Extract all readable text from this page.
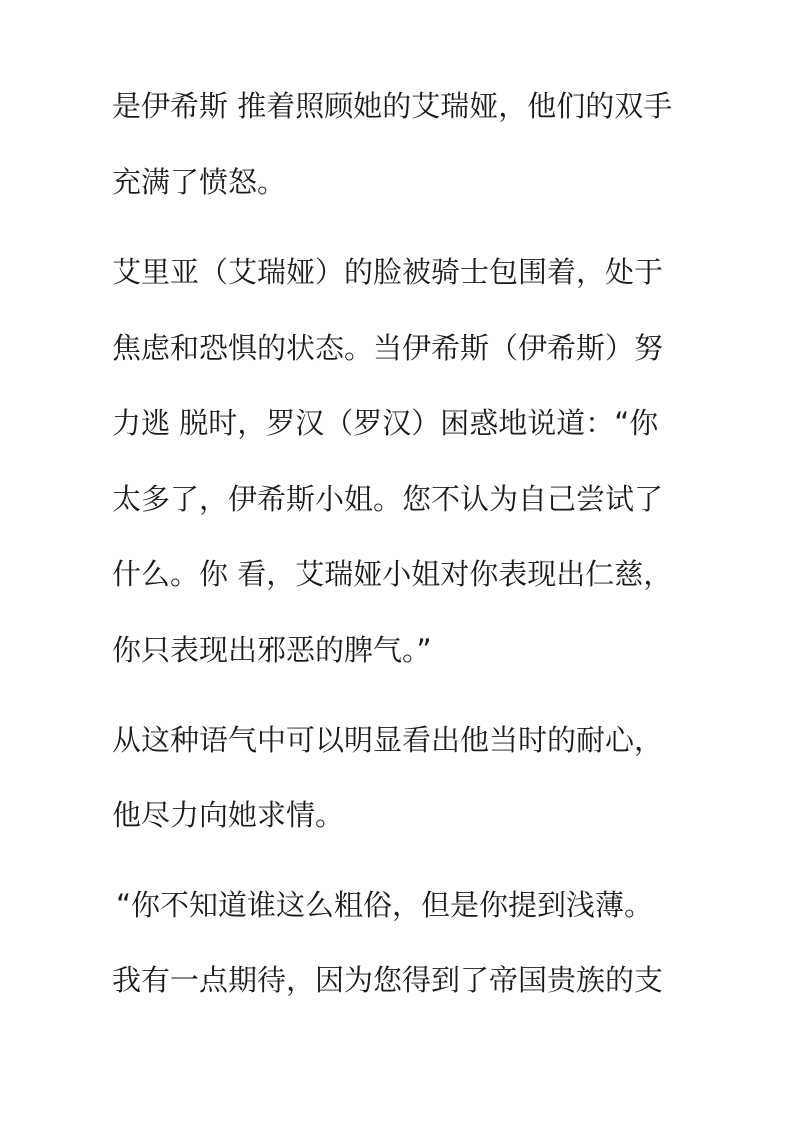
是伊希斯 推着照顾她的艾瑞娅，他们的双手

充满了愤怒。

艾里亚（艾瑞娅）的脸被骑士包围着，处于

焦虑和恐惧的状态。当伊希斯（伊希斯）努

力逃 脱时，罗汉（罗汉）困惑地说道：“你

太多了，伊希斯小姐。您不认为自己尝试了

什么。你 看，艾瑞娅小姐对你表现出仁慈，

你只表现出邪恶的脾气。”

从这种语气中可以明显看出他当时的耐心，

他尽力向她求情。

“你不知道谁这么粗俗，但是你提到浅薄。

我有一点期待，因为您得到了帝国贵族的支
